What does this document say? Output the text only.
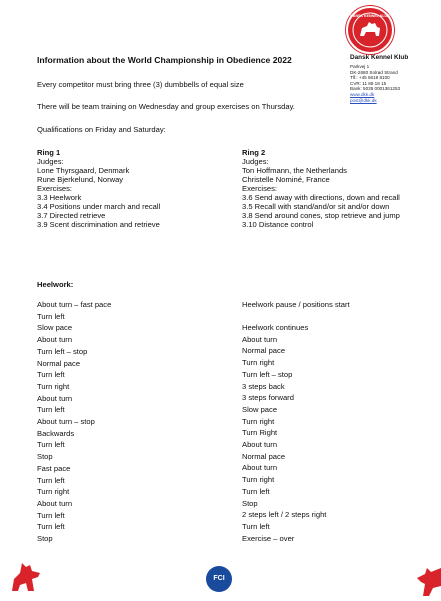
DANSK KENNEL KLUB
Dansk Kennel Klub
Parkvej 1
DK-2680 Solrød Strand
Tlf.: +45 5618 8100
CVR: 11 88 18 15
Bank: 5035 0001361253
www.dkk.dk
post@dkk.dk
Information about the World Championship in Obedience 2022
Every competitor must bring three (3) dumbbells of equal size
There will be team training on Wednesday and group exercises on Thursday.
Qualifications on Friday and Saturday:
Ring 1
Judges:
Lone Thyrsgaard, Denmark
Rune Bjerkelund, Norway
Exercises:
3.3 Heelwork
3.4 Positions under march and recall
3.7 Directed retrieve
3.9 Scent discrimination and retrieve
Ring 2
Judges:
Ton Hoffmann, the Netherlands
Christelle Nominé, France
Exercises:
3.6 Send away with directions, down and recall
3.5 Recall with stand/and/or sit and/or down
3.8 Send around cones, stop retrieve and jump
3.10 Distance control
Heelwork:
About turn – fast pace
Turn left
Slow pace
About turn
Turn left – stop
Normal pace
Turn left
Turn right
About turn
Turn left
About turn – stop
Backwards
Turn left
Stop
Fast pace
Turn left
Turn right
About turn
Turn left
Turn left
Stop
Heelwork pause / positions start
Heelwork continues
About turn
Normal pace
Turn right
Turn left – stop
3 steps back
3 steps forward
Slow pace
Turn right
Turn Right
About turn
Normal pace
About turn
Turn right
Turn left
Stop
2 steps left / 2 steps right
Turn left
Exercise – over
FCI
